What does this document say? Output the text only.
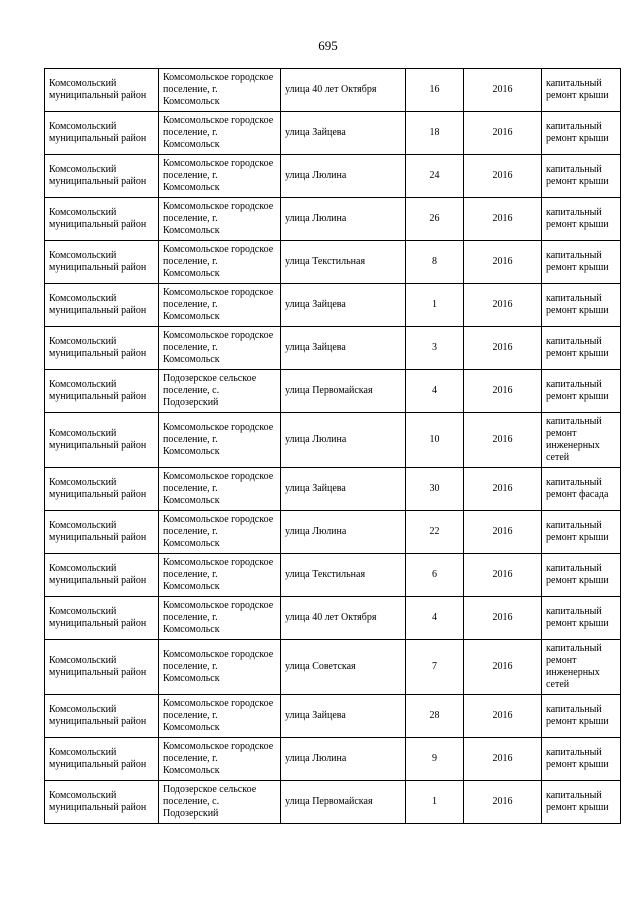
695
Комсомольский муниципальный район	Комсомольское городское поселение, г. Комсомольск	улица 40 лет Октября	16	2016	капитальный ремонт крыши
Комсомольский муниципальный район	Комсомольское городское поселение, г. Комсомольск	улица Зайцева	18	2016	капитальный ремонт крыши
Комсомольский муниципальный район	Комсомольское городское поселение, г. Комсомольск	улица Люлина	24	2016	капитальный ремонт крыши
Комсомольский муниципальный район	Комсомольское городское поселение, г. Комсомольск	улица Люлина	26	2016	капитальный ремонт крыши
Комсомольский муниципальный район	Комсомольское городское поселение, г. Комсомольск	улица Текстильная	8	2016	капитальный ремонт крыши
Комсомольский муниципальный район	Комсомольское городское поселение, г. Комсомольск	улица Зайцева	1	2016	капитальный ремонт крыши
Комсомольский муниципальный район	Комсомольское городское поселение, г. Комсомольск	улица Зайцева	3	2016	капитальный ремонт крыши
Комсомольский муниципальный район	Подозерское сельское поселение, с. Подозерский	улица Первомайская	4	2016	капитальный ремонт крыши
Комсомольский муниципальный район	Комсомольское городское поселение, г. Комсомольск	улица Люлина	10	2016	капитальный ремонт инженерных сетей
Комсомольский муниципальный район	Комсомольское городское поселение, г. Комсомольск	улица Зайцева	30	2016	капитальный ремонт фасада
Комсомольский муниципальный район	Комсомольское городское поселение, г. Комсомольск	улица Люлина	22	2016	капитальный ремонт крыши
Комсомольский муниципальный район	Комсомольское городское поселение, г. Комсомольск	улица Текстильная	6	2016	капитальный ремонт крыши
Комсомольский муниципальный район	Комсомольское городское поселение, г. Комсомольск	улица 40 лет Октября	4	2016	капитальный ремонт крыши
Комсомольский муниципальный район	Комсомольское городское поселение, г. Комсомольск	улица Советская	7	2016	капитальный ремонт инженерных сетей
Комсомольский муниципальный район	Комсомольское городское поселение, г. Комсомольск	улица Зайцева	28	2016	капитальный ремонт крыши
Комсомольский муниципальный район	Комсомольское городское поселение, г. Комсомольск	улица Люлина	9	2016	капитальный ремонт крыши
Комсомольский муниципальный район	Подозерское сельское поселение, с. Подозерский	улица Первомайская	1	2016	капитальный ремонт крыши
